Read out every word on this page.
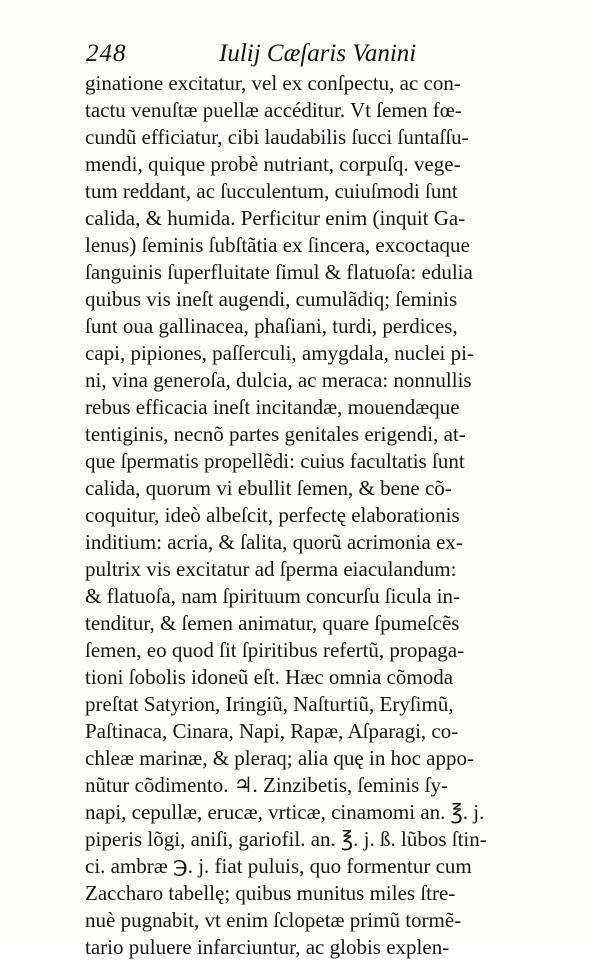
248	Iulij Cæſaris Vanini
ginatione excitatur, vel ex conſpectu, ac con-
tactu venuſtæ puellæ accéditur. Vt ſemen fœ-
cundũ efficiatur, cibi laudabilis ſucci ſuntaſſu-
mendi, quique probè nutriant, corpuſq. vege-
tum reddant, ac ſucculentum, cuiuſmodi ſunt
calida, & humida. Perficitur enim (inquit Ga-
lenus) ſeminis ſubſtãtia ex ſincera, excoctaque
ſanguinis ſuperfluitate ſimul & flatuoſa: edulia
quibus vis ineſt augendi, cumulãdiq; ſeminis
ſunt oua gallinacea, phaſiani, turdi, perdices,
capi, pipiones, paſſerculi, amygdala, nuclei pi-
ni, vina generoſa, dulcia, ac meraca: nonnullis
rebus efficacia ineſt incitandæ, mouendæque
tentiginis, necnõ partes genitales erigendi, at-
que ſpermatis propellẽdi: cuius facultatis ſunt
calida, quorum vi ebullit ſemen, & bene cõ-
coquitur, ideò albeſcit, perfectę elaborationis
inditium: acria, & ſalita, quorũ acrimonia ex-
pultrix vis excitatur ad ſperma eiaculandum:
& flatuoſa, nam ſpirituum concurſu ſicula in-
tenditur, & ſemen animatur, quare ſpumeſcẽs
ſemen, eo quod ſit ſpiritibus refertũ, propaga-
tioni ſobolis idoneũ eſt. Hæc omnia cõmoda
preſtat Satyrion, Iringiũ, Naſturtiũ, Eryſimũ,
Paſtinaca, Cinara, Napi, Rapæ, Aſparagi, co-
chleæ marinæ, & pleraq; alia quę in hoc appo-
nũtur cõdimento. ♃. Zinzibetis, ſeminis ſy-
napi, cepullæ, erucæ, vrticæ, cinamomi an. ℥. j.
piperis lõgi, aniſi, gariofil. an. ℥. j. ß. lũbos ſtin-
ci. ambræ ℈. j. fiat puluis, quo formentur cum
Zaccharo tabellę; quibus munitus miles ſtre-
nuè pugnabit, vt enim ſclopetæ primũ tormẽ-
tario puluere infarciuntur, ac globis explen-
